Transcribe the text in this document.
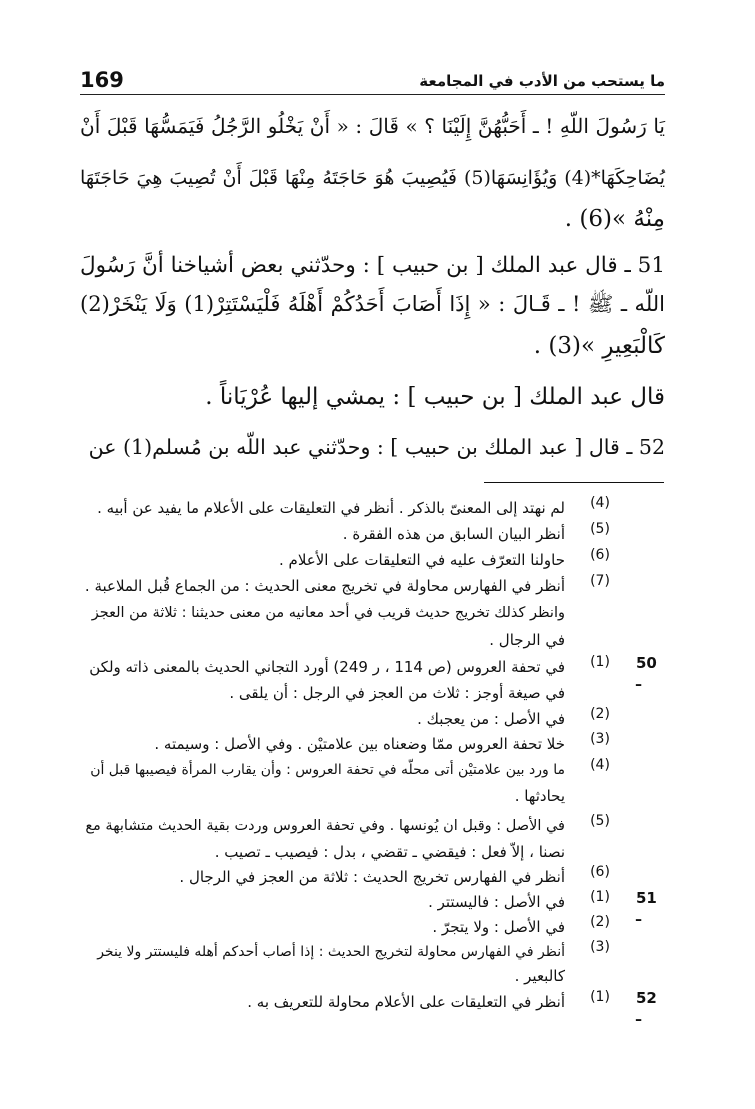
169	ما يستحب من الأدب في المجامعة
يَا رَسُولَ اللّهِ ! ـ أَحَبُّهُنَّ إِلَيْنَا ؟ » قَالَ : « أَنْ يَخْلُو الرَّجُلُ فَيَمَسُّهَا قَبْلَ أَنْ
يُضَاحِكَهَا*(4) وَيُؤَانِسَهَا(5) فَيُصِيبَ هُوَ حَاجَتَهُ مِنْهَا قَبْلَ أَنْ تُصِيبَ هِيَ حَاجَتَهَا
مِنْهُ »(6) .
51 ـ قال عبد الملك [ بن حبيب ] : وحدّثني بعض أشياخنا أنَّ رَسُولَ
اللّه ـ ﷺ ! ـ قَـالَ : « إِذَا أَصَابَ أَحَدُكُمْ أَهْلَهُ فَلْيَسْتَتِرْ(1) وَلَا يَنْخَرْ(2)
كَالْبَعِيرِ »(3) .
قال عبد الملك [ بن حبيب ] : يمشي إليها عُرْيَاناً .
52 ـ قال [ عبد الملك بن حبيب ] : وحدّثني عبد اللّه بن مُسلم(1) عن
(4)
لم نهتد إلى المعنىّ بالذكر . أنظر في التعليقات على الأعلام ما يفيد عن أبيه .
(5)
أنظر البيان السابق من هذه الفقرة .
(6)
حاولنا التعرّف عليه في التعليقات على الأعلام .
(7)
أنظر في الفهارس محاولة في تخريج معنى الحديث : من الجماع قُبل الملاعبة .
وانظر كذلك تخريج حديث قريب في أحد معانيه من معنى حديثنا : ثلاثة من العجز
في الرجال .
50 ـ
(1)
في تحفة العروس (ص 114 ، ر 249) أورد التجاني الحديث بالمعنى ذاته ولكن
في صيغة أوجز : ثلاث من العجز في الرجل : أن يلقى .
(2)
في الأصل : من يعجبك .
(3)
خلا تحفة العروس ممّا وضعناه بين علامتيْن . وفي الأصل : وسيمته .
(4)
ما ورد بين علامتيْن أتى محلّه في تحفة العروس : وأن يقارب المرأة فيصيبها قبل أن
يحادثها .
(5)
في الأصل : وقبل ان يُونسها . وفي تحفة العروس وردت بقية الحديث متشابهة مع
نصنا ، إلاّ فعل : فيقضي ـ تقضي ، بدل : فيصيب ـ تصيب .
(6)
أنظر في الفهارس تخريج الحديث : ثلاثة من العجز في الرجال .
51 ـ
(1)
في الأصل : فاليستتر .
(2)
في الأصل : ولا يتجرّ .
(3)
أنظر في الفهارس محاولة لتخريج الحديث : إذا أصاب أحدكم أهله فليستتر ولا ينخر
كالبعير .
52 ـ
(1)
أنظر في التعليقات على الأعلام محاولة للتعريف به .
